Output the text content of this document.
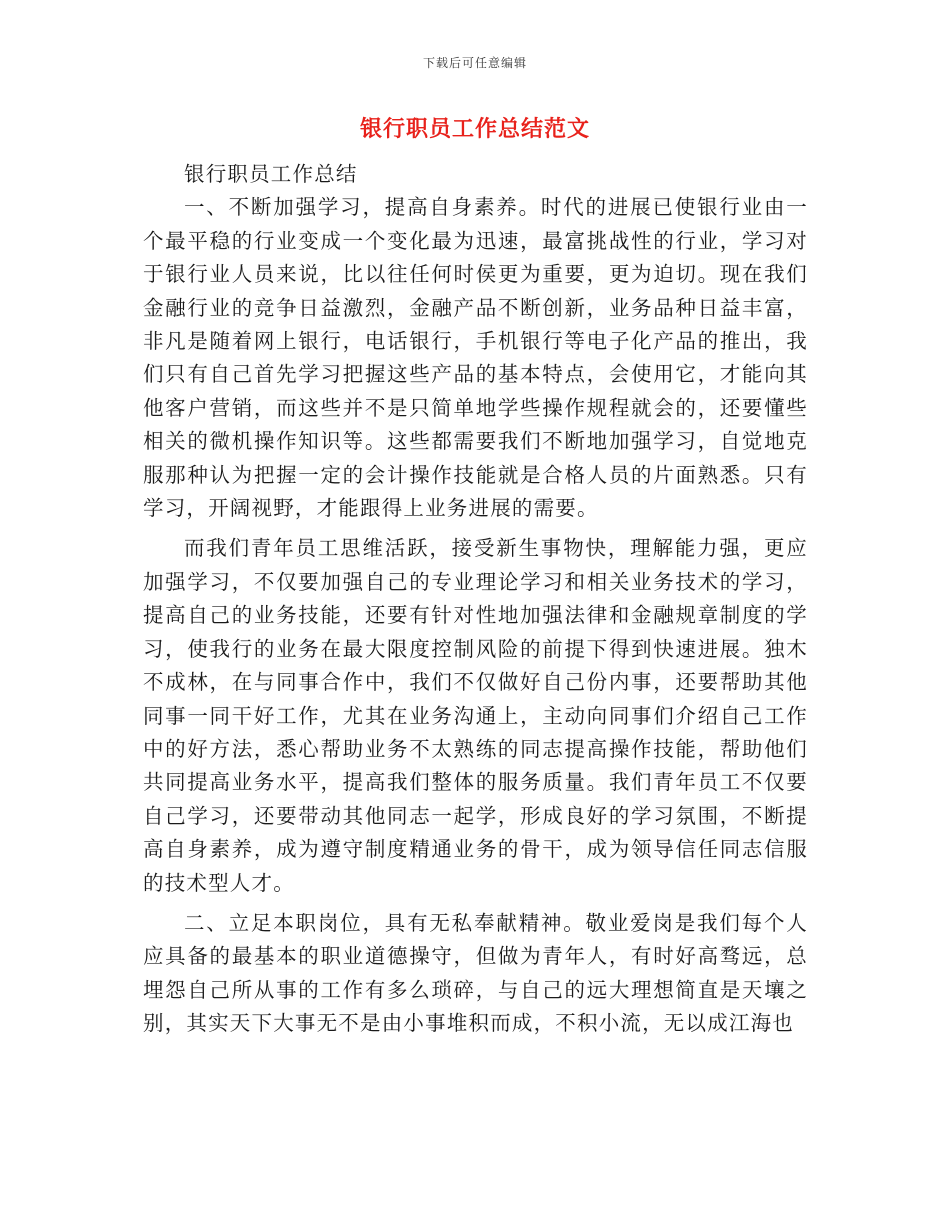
下载后可任意编辑
银行职员工作总结范文

银行职员工作总结

一、不断加强学习，提高自身素养。时代的进展已使银行业由一个最平稳的行业变成一个变化最为迅速，最富挑战性的行业，学习对于银行业人员来说，比以往任何时侯更为重要，更为迫切。现在我们金融行业的竞争日益激烈，金融产品不断创新，业务品种日益丰富，非凡是随着网上银行，电话银行，手机银行等电子化产品的推出，我们只有自己首先学习把握这些产品的基本特点，会使用它，才能向其他客户营销，而这些并不是只简单地学些操作规程就会的，还要懂些相关的微机操作知识等。这些都需要我们不断地加强学习，自觉地克服那种认为把握一定的会计操作技能就是合格人员的片面熟悉。只有学习，开阔视野，才能跟得上业务进展的需要。

而我们青年员工思维活跃，接受新生事物快，理解能力强，更应加强学习，不仅要加强自己的专业理论学习和相关业务技术的学习，提高自己的业务技能，还要有针对性地加强法律和金融规章制度的学习，使我行的业务在最大限度控制风险的前提下得到快速进展。独木不成林，在与同事合作中，我们不仅做好自己份内事，还要帮助其他同事一同干好工作，尤其在业务沟通上，主动向同事们介绍自己工作中的好方法，悉心帮助业务不太熟练的同志提高操作技能，帮助他们共同提高业务水平，提高我们整体的服务质量。我们青年员工不仅要自己学习，还要带动其他同志一起学，形成良好的学习氛围，不断提高自身素养，成为遵守制度精通业务的骨干，成为领导信任同志信服的技术型人才。

二、立足本职岗位，具有无私奉献精神。敬业爱岗是我们每个人应具备的最基本的职业道德操守，但做为青年人，有时好高骛远，总埋怨自己所从事的工作有多么琐碎，与自己的远大理想简直是天壤之别，其实天下大事无不是由小事堆积而成，不积小流，无以成江海也
